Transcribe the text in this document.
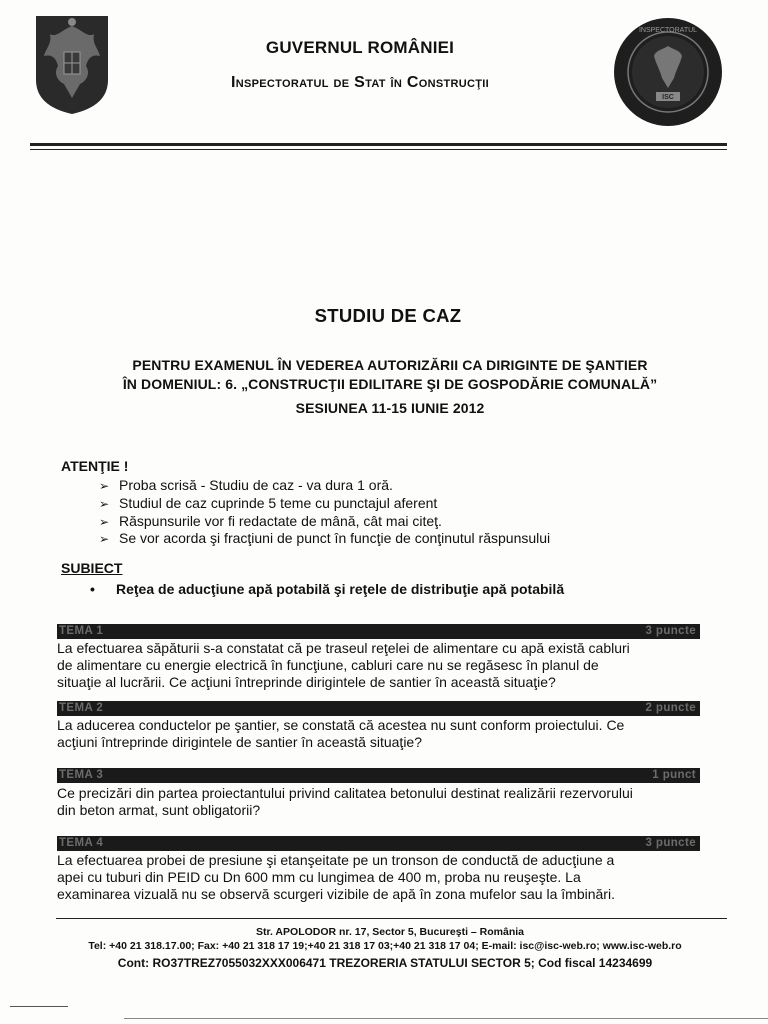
GUVERNUL ROMÂNIEI
Inspectoratul de Stat în Construcţii
ISC
INSPECTORATUL
STUDIU DE CAZ
PENTRU EXAMENUL ÎN VEDEREA AUTORIZĂRII CA DIRIGINTE DE ŞANTIER
ÎN DOMENIUL: 6. „CONSTRUCŢII EDILITARE ŞI DE GOSPODĂRIE COMUNALĂ”
SESIUNEA 11-15 IUNIE 2012
ATENŢIE !
➢ Proba scrisă - Studiu de caz - va dura 1 oră.
➢ Studiul de caz cuprinde 5 teme cu punctajul aferent
➢ Răspunsurile vor fi redactate de mână, cât mai citeţ.
➢ Se vor acorda şi fracţiuni de punct în funcţie de conţinutul răspunsului
SUBIECT
• Reţea de aducţiune apă potabilă şi reţele de distribuţie apă potabilă
TEMA 1	3 puncte
La efectuarea săpăturii s-a constatat că pe traseul reţelei de alimentare cu apă există cabluri
de alimentare cu energie electrică în funcţiune, cabluri care nu se regăsesc în planul de
situaţie al lucrării. Ce acţiuni întreprinde dirigintele de santier în această situaţie?
TEMA 2	2 puncte
La aducerea conductelor pe şantier, se constată că acestea nu sunt conform proiectului. Ce
acţiuni întreprinde dirigintele de santier în această situaţie?
TEMA 3	1 punct
Ce precizări din partea proiectantului privind calitatea betonului destinat realizării rezervorului
din beton armat, sunt obligatorii?
TEMA 4	3 puncte
La efectuarea probei de presiune şi etanşeitate pe un tronson de conductă de aducţiune a
apei cu tuburi din PEID cu Dn 600 mm cu lungimea de 400 m, proba nu reuşeşte. La
examinarea vizuală nu se observă scurgeri vizibile de apă în zona mufelor sau la îmbinări.
Str. APOLODOR nr. 17, Sector 5, Bucureşti – România
Tel: +40 21 318.17.00; Fax: +40 21 318 17 19;+40 21 318 17 03;+40 21 318 17 04; E-mail: isc@isc-web.ro; www.isc-web.ro
Cont: RO37TREZ7055032XXX006471 TREZORERIA STATULUI SECTOR 5; Cod fiscal 14234699
